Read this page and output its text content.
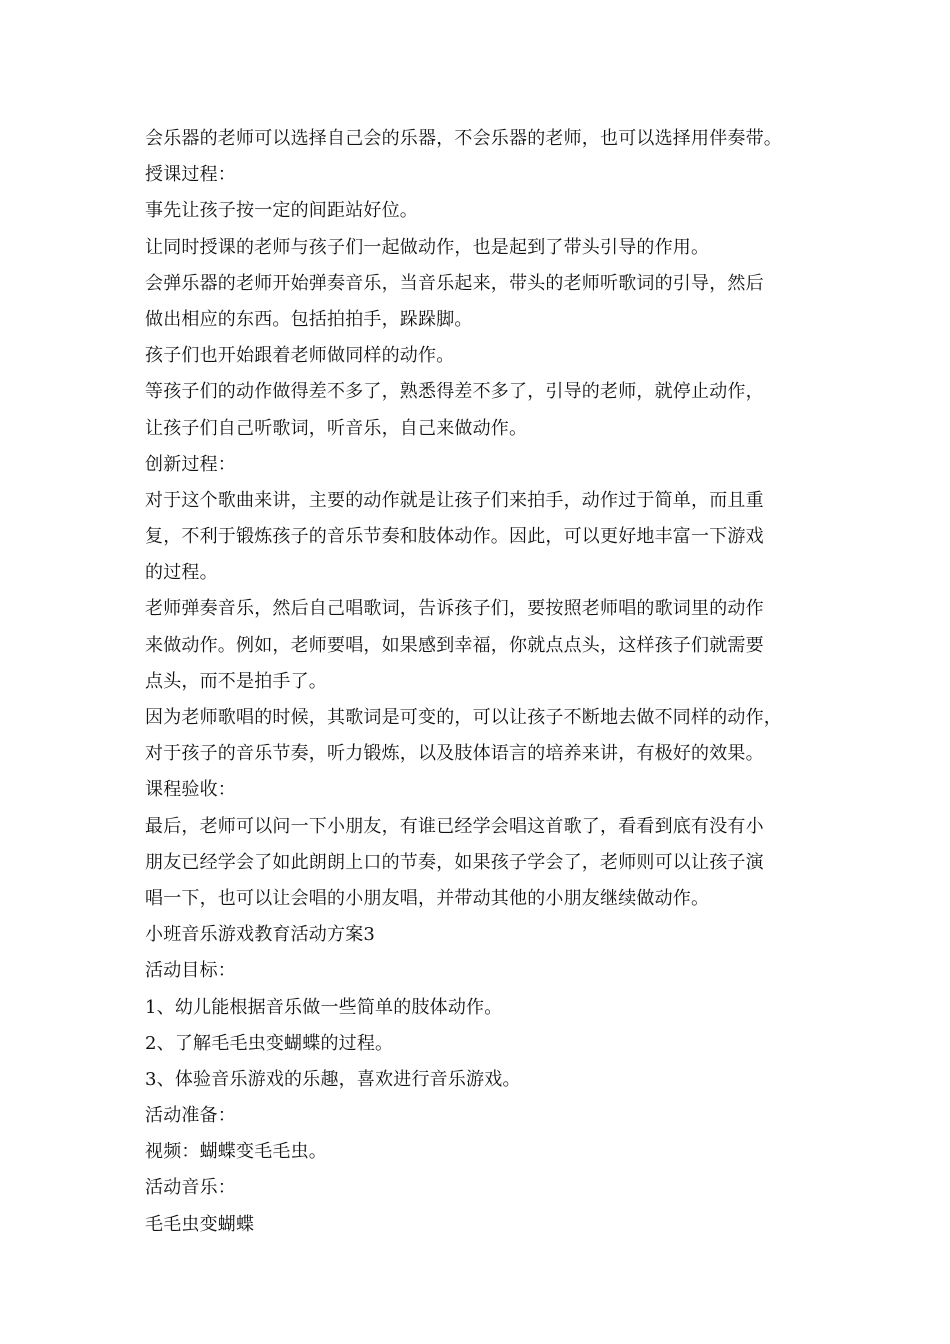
会乐器的老师可以选择自己会的乐器，不会乐器的老师，也可以选择用伴奏带。
授课过程：
事先让孩子按一定的间距站好位。
让同时授课的老师与孩子们一起做动作，也是起到了带头引导的作用。
会弹乐器的老师开始弹奏音乐，当音乐起来，带头的老师听歌词的引导，然后
做出相应的东西。包括拍拍手，跺跺脚。
孩子们也开始跟着老师做同样的动作。
等孩子们的动作做得差不多了，熟悉得差不多了，引导的老师，就停止动作，
让孩子们自己听歌词，听音乐，自己来做动作。
创新过程：
对于这个歌曲来讲，主要的动作就是让孩子们来拍手，动作过于简单，而且重
复，不利于锻炼孩子的音乐节奏和肢体动作。因此，可以更好地丰富一下游戏
的过程。
老师弹奏音乐，然后自己唱歌词，告诉孩子们，要按照老师唱的歌词里的动作
来做动作。例如，老师要唱，如果感到幸福，你就点点头，这样孩子们就需要
点头，而不是拍手了。
因为老师歌唱的时候，其歌词是可变的，可以让孩子不断地去做不同样的动作，
对于孩子的音乐节奏，听力锻炼，以及肢体语言的培养来讲，有极好的效果。
课程验收：
最后，老师可以问一下小朋友，有谁已经学会唱这首歌了，看看到底有没有小
朋友已经学会了如此朗朗上口的节奏，如果孩子学会了，老师则可以让孩子演
唱一下，也可以让会唱的小朋友唱，并带动其他的小朋友继续做动作。
小班音乐游戏教育活动方案3
活动目标：
1、幼儿能根据音乐做一些简单的肢体动作。
2、了解毛毛虫变蝴蝶的过程。
3、体验音乐游戏的乐趣，喜欢进行音乐游戏。
活动准备：
视频：蝴蝶变毛毛虫。
活动音乐：
毛毛虫变蝴蝶
